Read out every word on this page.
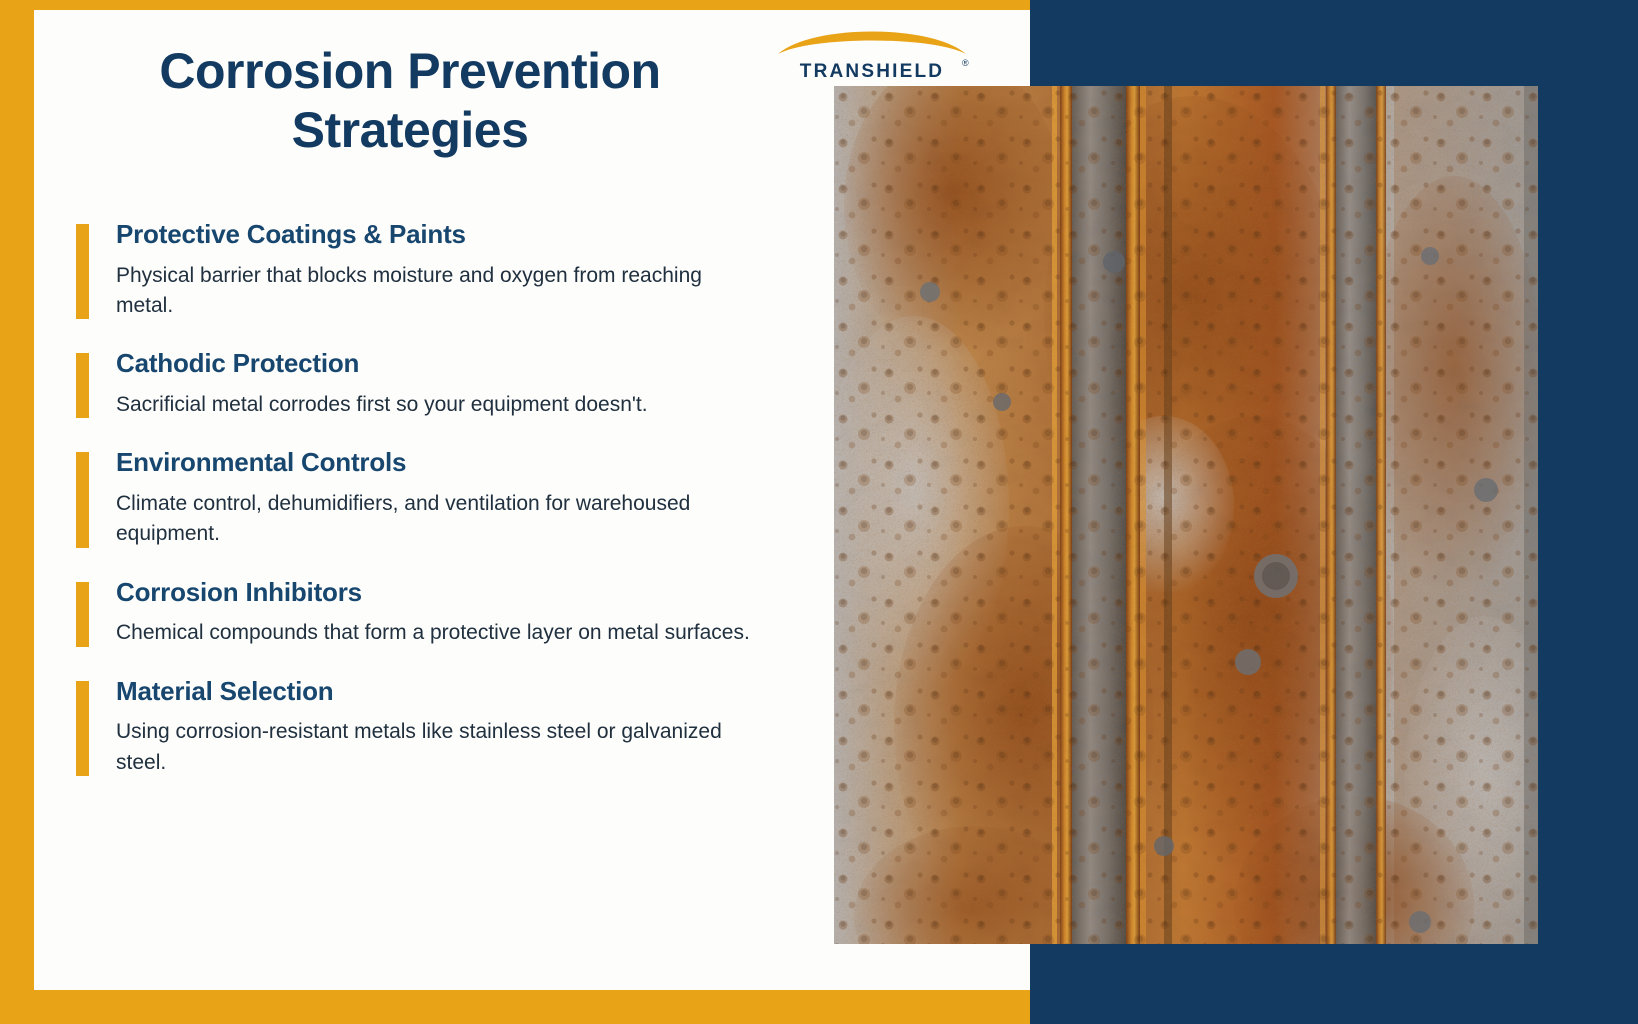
TRANSHIELD ®
Corrosion Prevention Strategies
Protective Coatings & Paints
Physical barrier that blocks moisture and oxygen from reaching metal.
Cathodic Protection
Sacrificial metal corrodes first so your equipment doesn't.
Environmental Controls
Climate control, dehumidifiers, and ventilation for warehoused equipment.
Corrosion Inhibitors
Chemical compounds that form a protective layer on metal surfaces.
Material Selection
Using corrosion-resistant metals like stainless steel or galvanized steel.
